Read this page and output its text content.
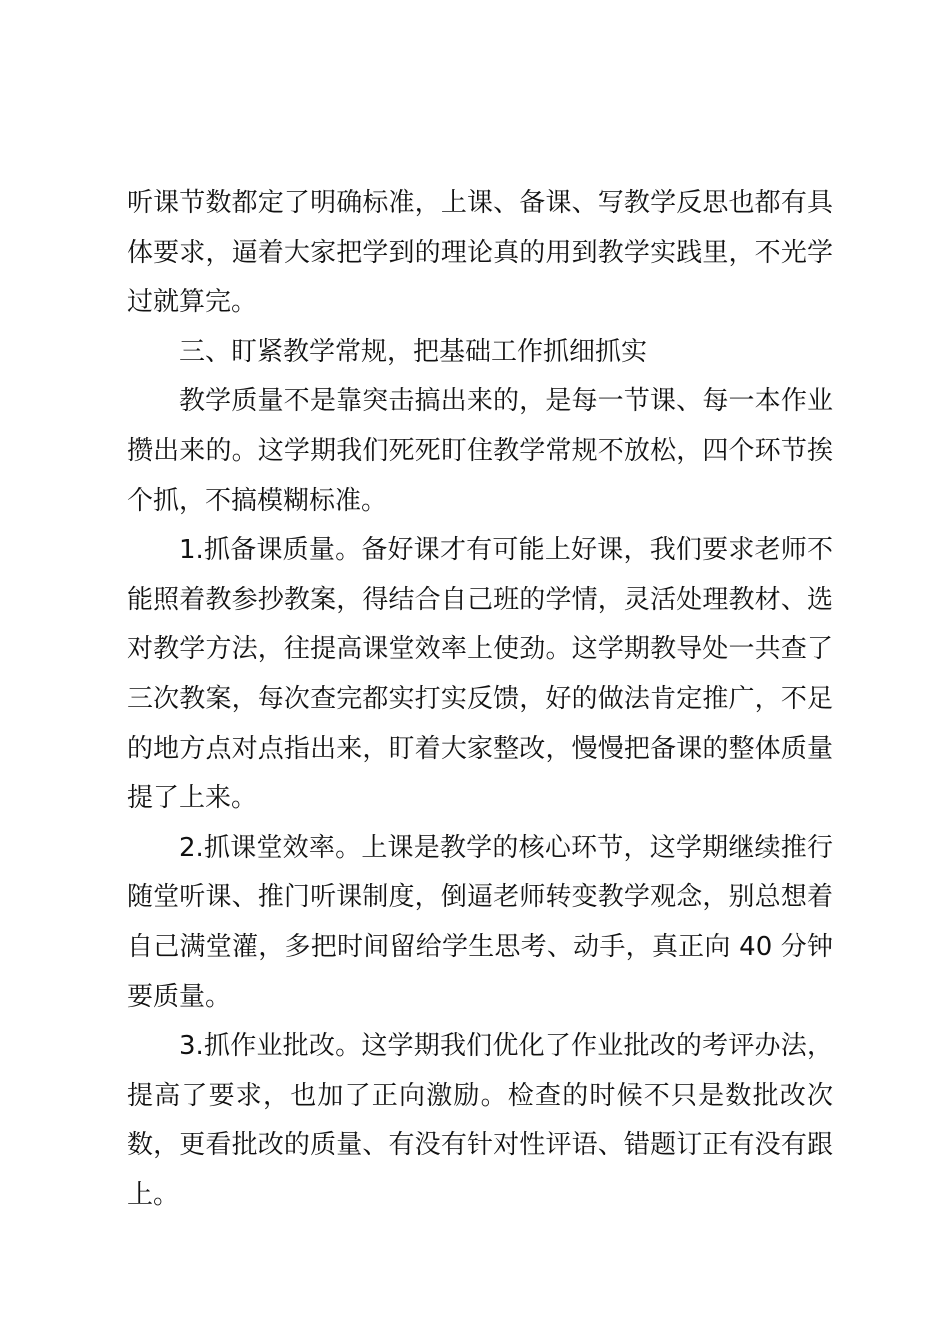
听课节数都定了明确标准，上课、备课、写教学反思也都有具体要求，逼着大家把学到的理论真的用到教学实践里，不光学过就算完。

三、盯紧教学常规，把基础工作抓细抓实

教学质量不是靠突击搞出来的，是每一节课、每一本作业攒出来的。这学期我们死死盯住教学常规不放松，四个环节挨个抓，不搞模糊标准。

1.抓备课质量。备好课才有可能上好课，我们要求老师不能照着教参抄教案，得结合自己班的学情，灵活处理教材、选对教学方法，往提高课堂效率上使劲。这学期教导处一共查了三次教案，每次查完都实打实反馈，好的做法肯定推广，不足的地方点对点指出来，盯着大家整改，慢慢把备课的整体质量提了上来。

2.抓课堂效率。上课是教学的核心环节，这学期继续推行随堂听课、推门听课制度，倒逼老师转变教学观念，别总想着自己满堂灌，多把时间留给学生思考、动手，真正向 40 分钟要质量。

3.抓作业批改。这学期我们优化了作业批改的考评办法，提高了要求，也加了正向激励。检查的时候不只是数批改次数，更看批改的质量、有没有针对性评语、错题订正有没有跟上。
